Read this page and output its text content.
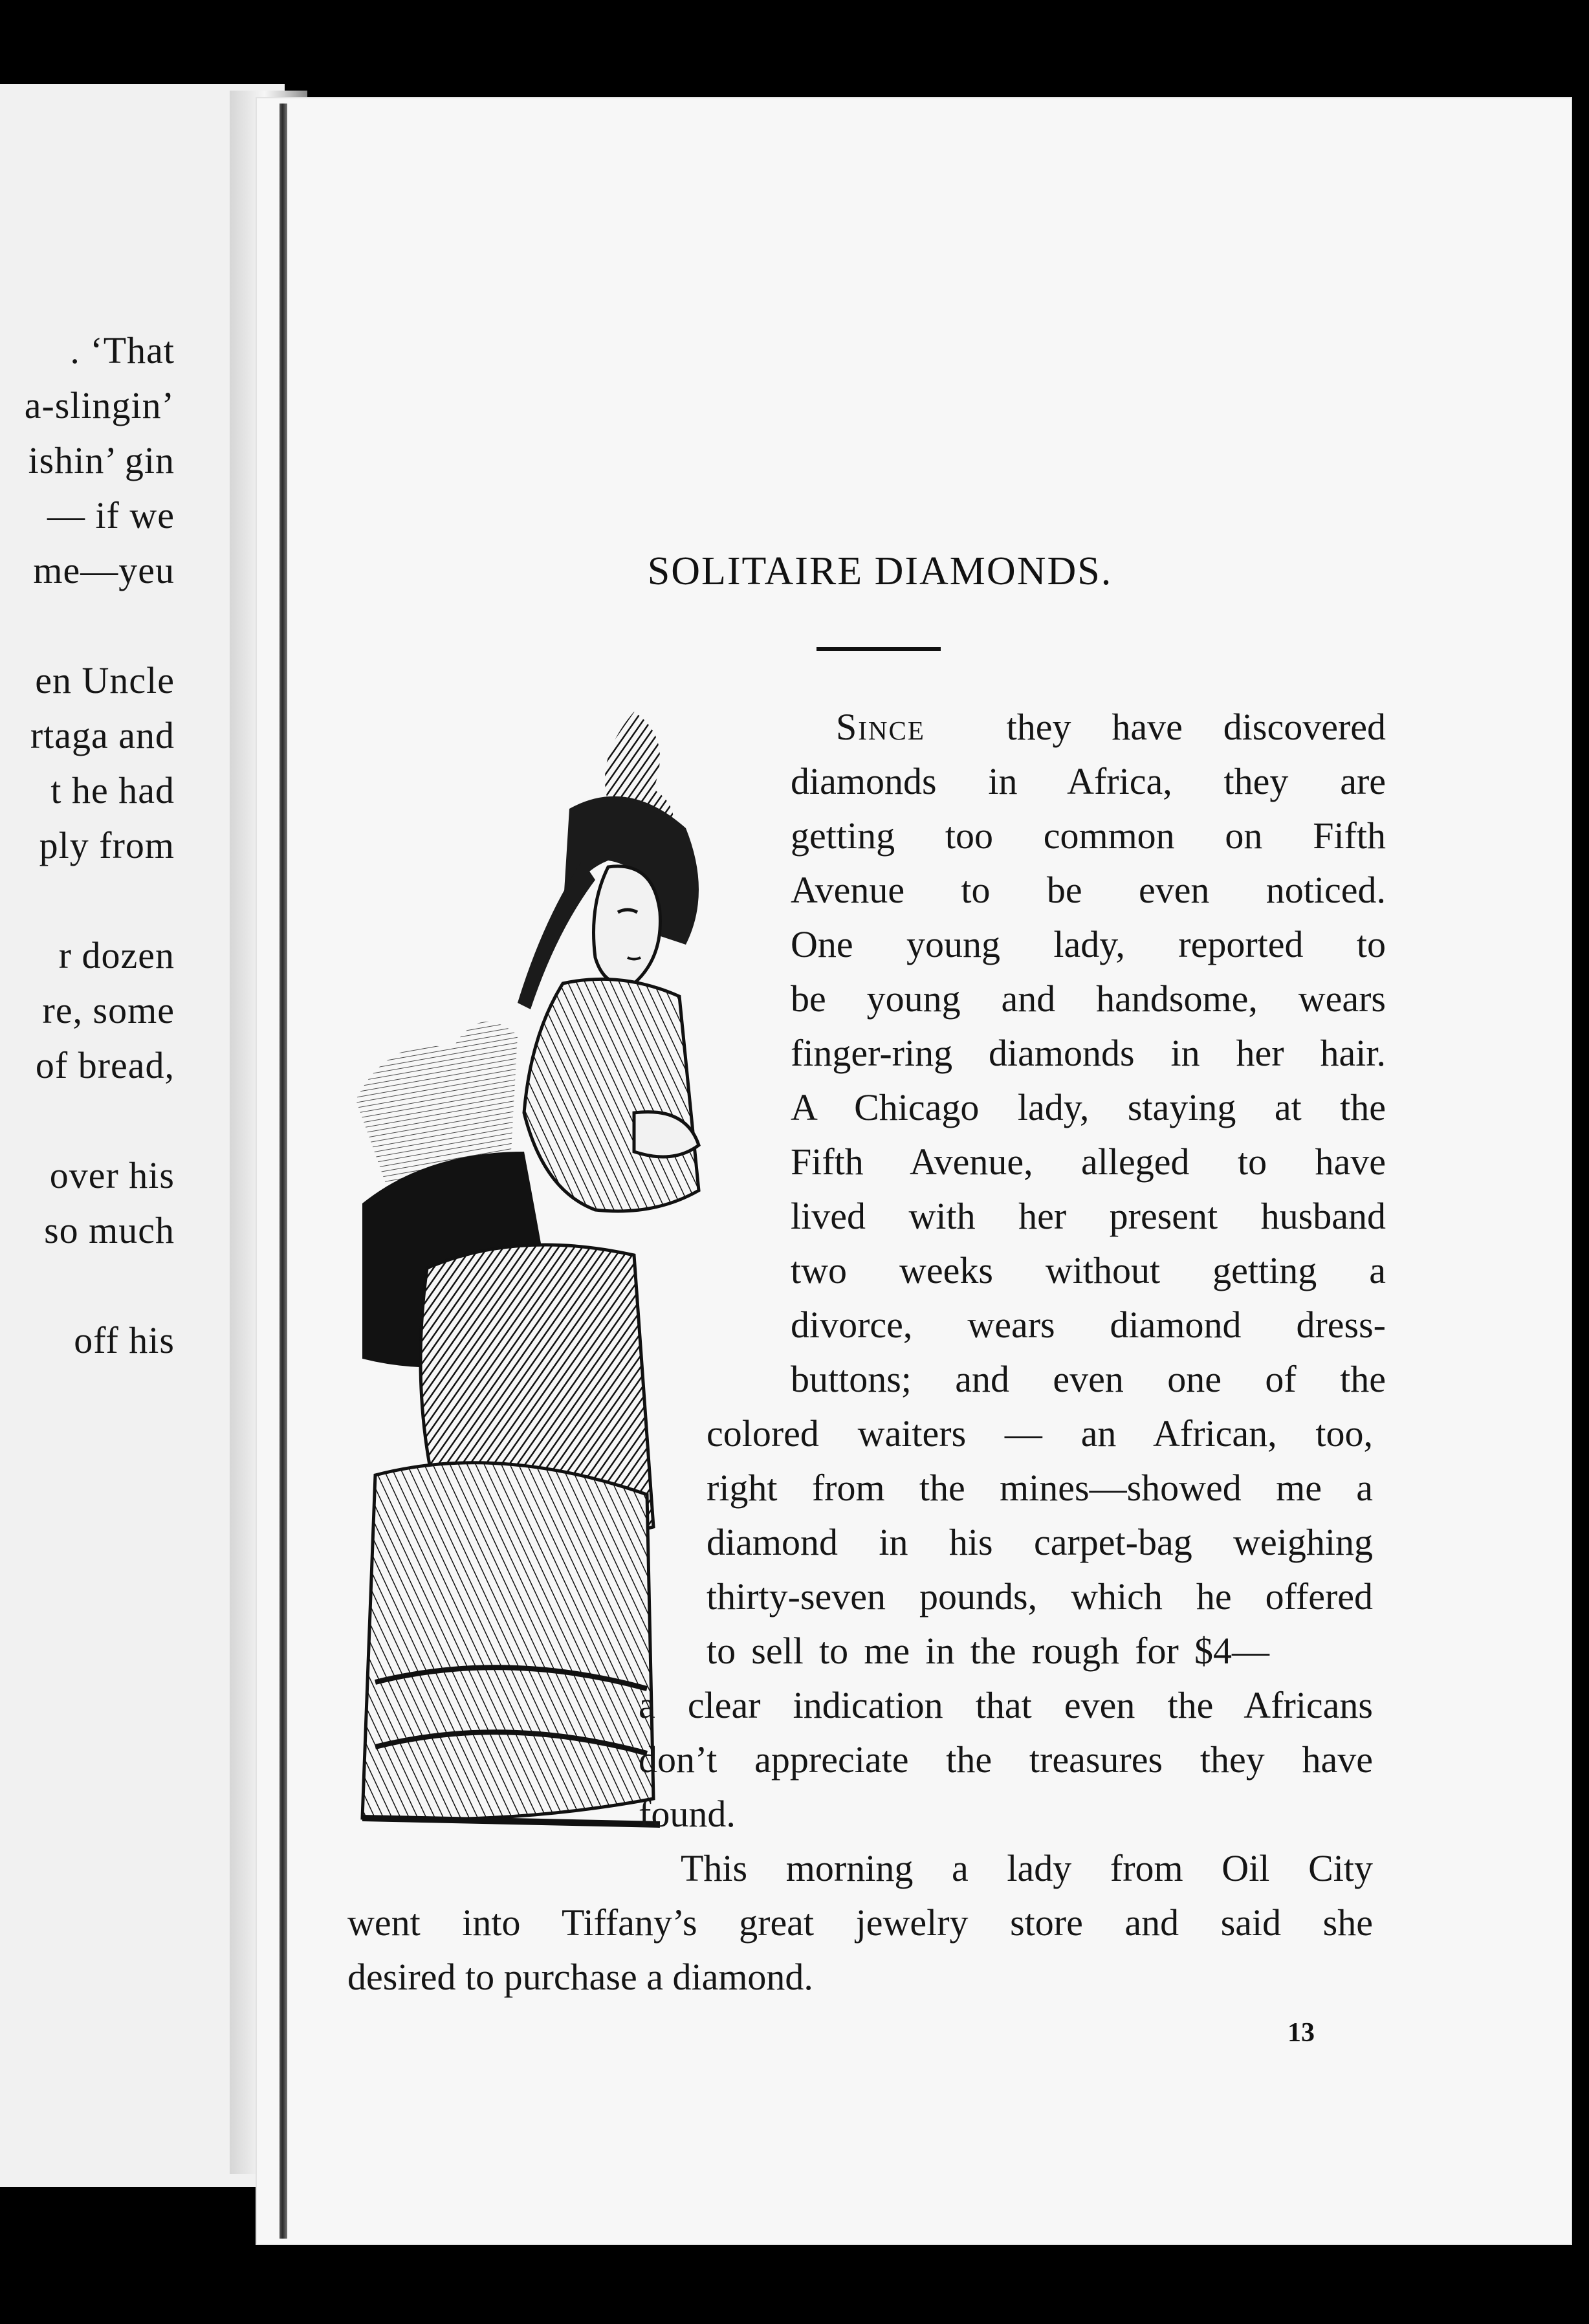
. ‘That
a-slingin’
ishin’ gin
— if we
me—yeu
en Uncle
rtaga and
t he had
ply from
r dozen
re, some
of bread,
over his
so much
off his
SOLITAIRE DIAMONDS.
Since they have discovered
diamonds in Africa, they are
getting too common on Fifth
Avenue to be even noticed.
One young lady, reported to
be young and handsome, wears
finger-ring diamonds in her hair.
A Chicago lady, staying at the
Fifth Avenue, alleged to have
lived with her present husband
two weeks without getting a
divorce, wears diamond dress-
buttons; and even one of the
colored waiters — an African, too,
right from the mines—showed me a
diamond in his carpet-bag weighing
thirty-seven pounds, which he offered
to sell to me in the rough for $4—
a clear indication that even the Africans
don’t appreciate the treasures they have
found.
This morning a lady from Oil City
went into Tiffany’s great jewelry store and said she
desired to purchase a diamond.
13
